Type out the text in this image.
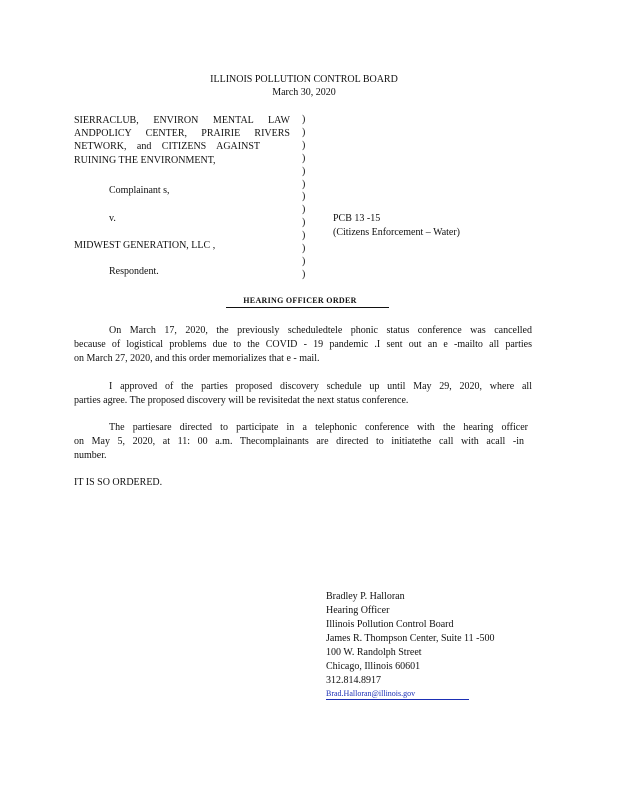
ILLINOIS POLLUTION CONTROL BOARD
March 30, 2020
SIERRACLUB, ENVIRON MENTAL LAW
ANDPOLICY CENTER, PRAIRIE RIVERS
NETWORK, and CITIZENS AGAINST
RUINING THE ENVIRONMENT,
Complainant s,
v.
MIDWEST GENERATION, LLC ,
Respondent.
)
)
)
)
)
)
)
)
)
)
)
)
)
PCB 13 -15
(Citizens Enforcement – Water)
HEARING OFFICER ORDER
On March 17, 2020, the previously scheduledtele phonic status conference was cancelled
because of logistical problems due to the COVID - 19 pandemic .I sent out an e -mailto all parties
on March 27, 2020, and this order memorializes that e - mail.
I approved of the parties proposed discovery schedule up until May 29, 2020, where all
parties agree. The proposed discovery will be revisitedat the next status conference.
The partiesare directed to participate in a telephonic conference with the hearing officer
on May 5, 2020, at 11: 00 a.m. Thecomplainants are directed to initiatethe call with acall -in
number.
IT IS SO ORDERED.
Bradley P. Halloran
Hearing Officer
Illinois Pollution Control Board
James R. Thompson Center, Suite 11 -500
100 W. Randolph Street
Chicago, Illinois 60601
312.814.8917
Brad.Halloran@illinois.gov
